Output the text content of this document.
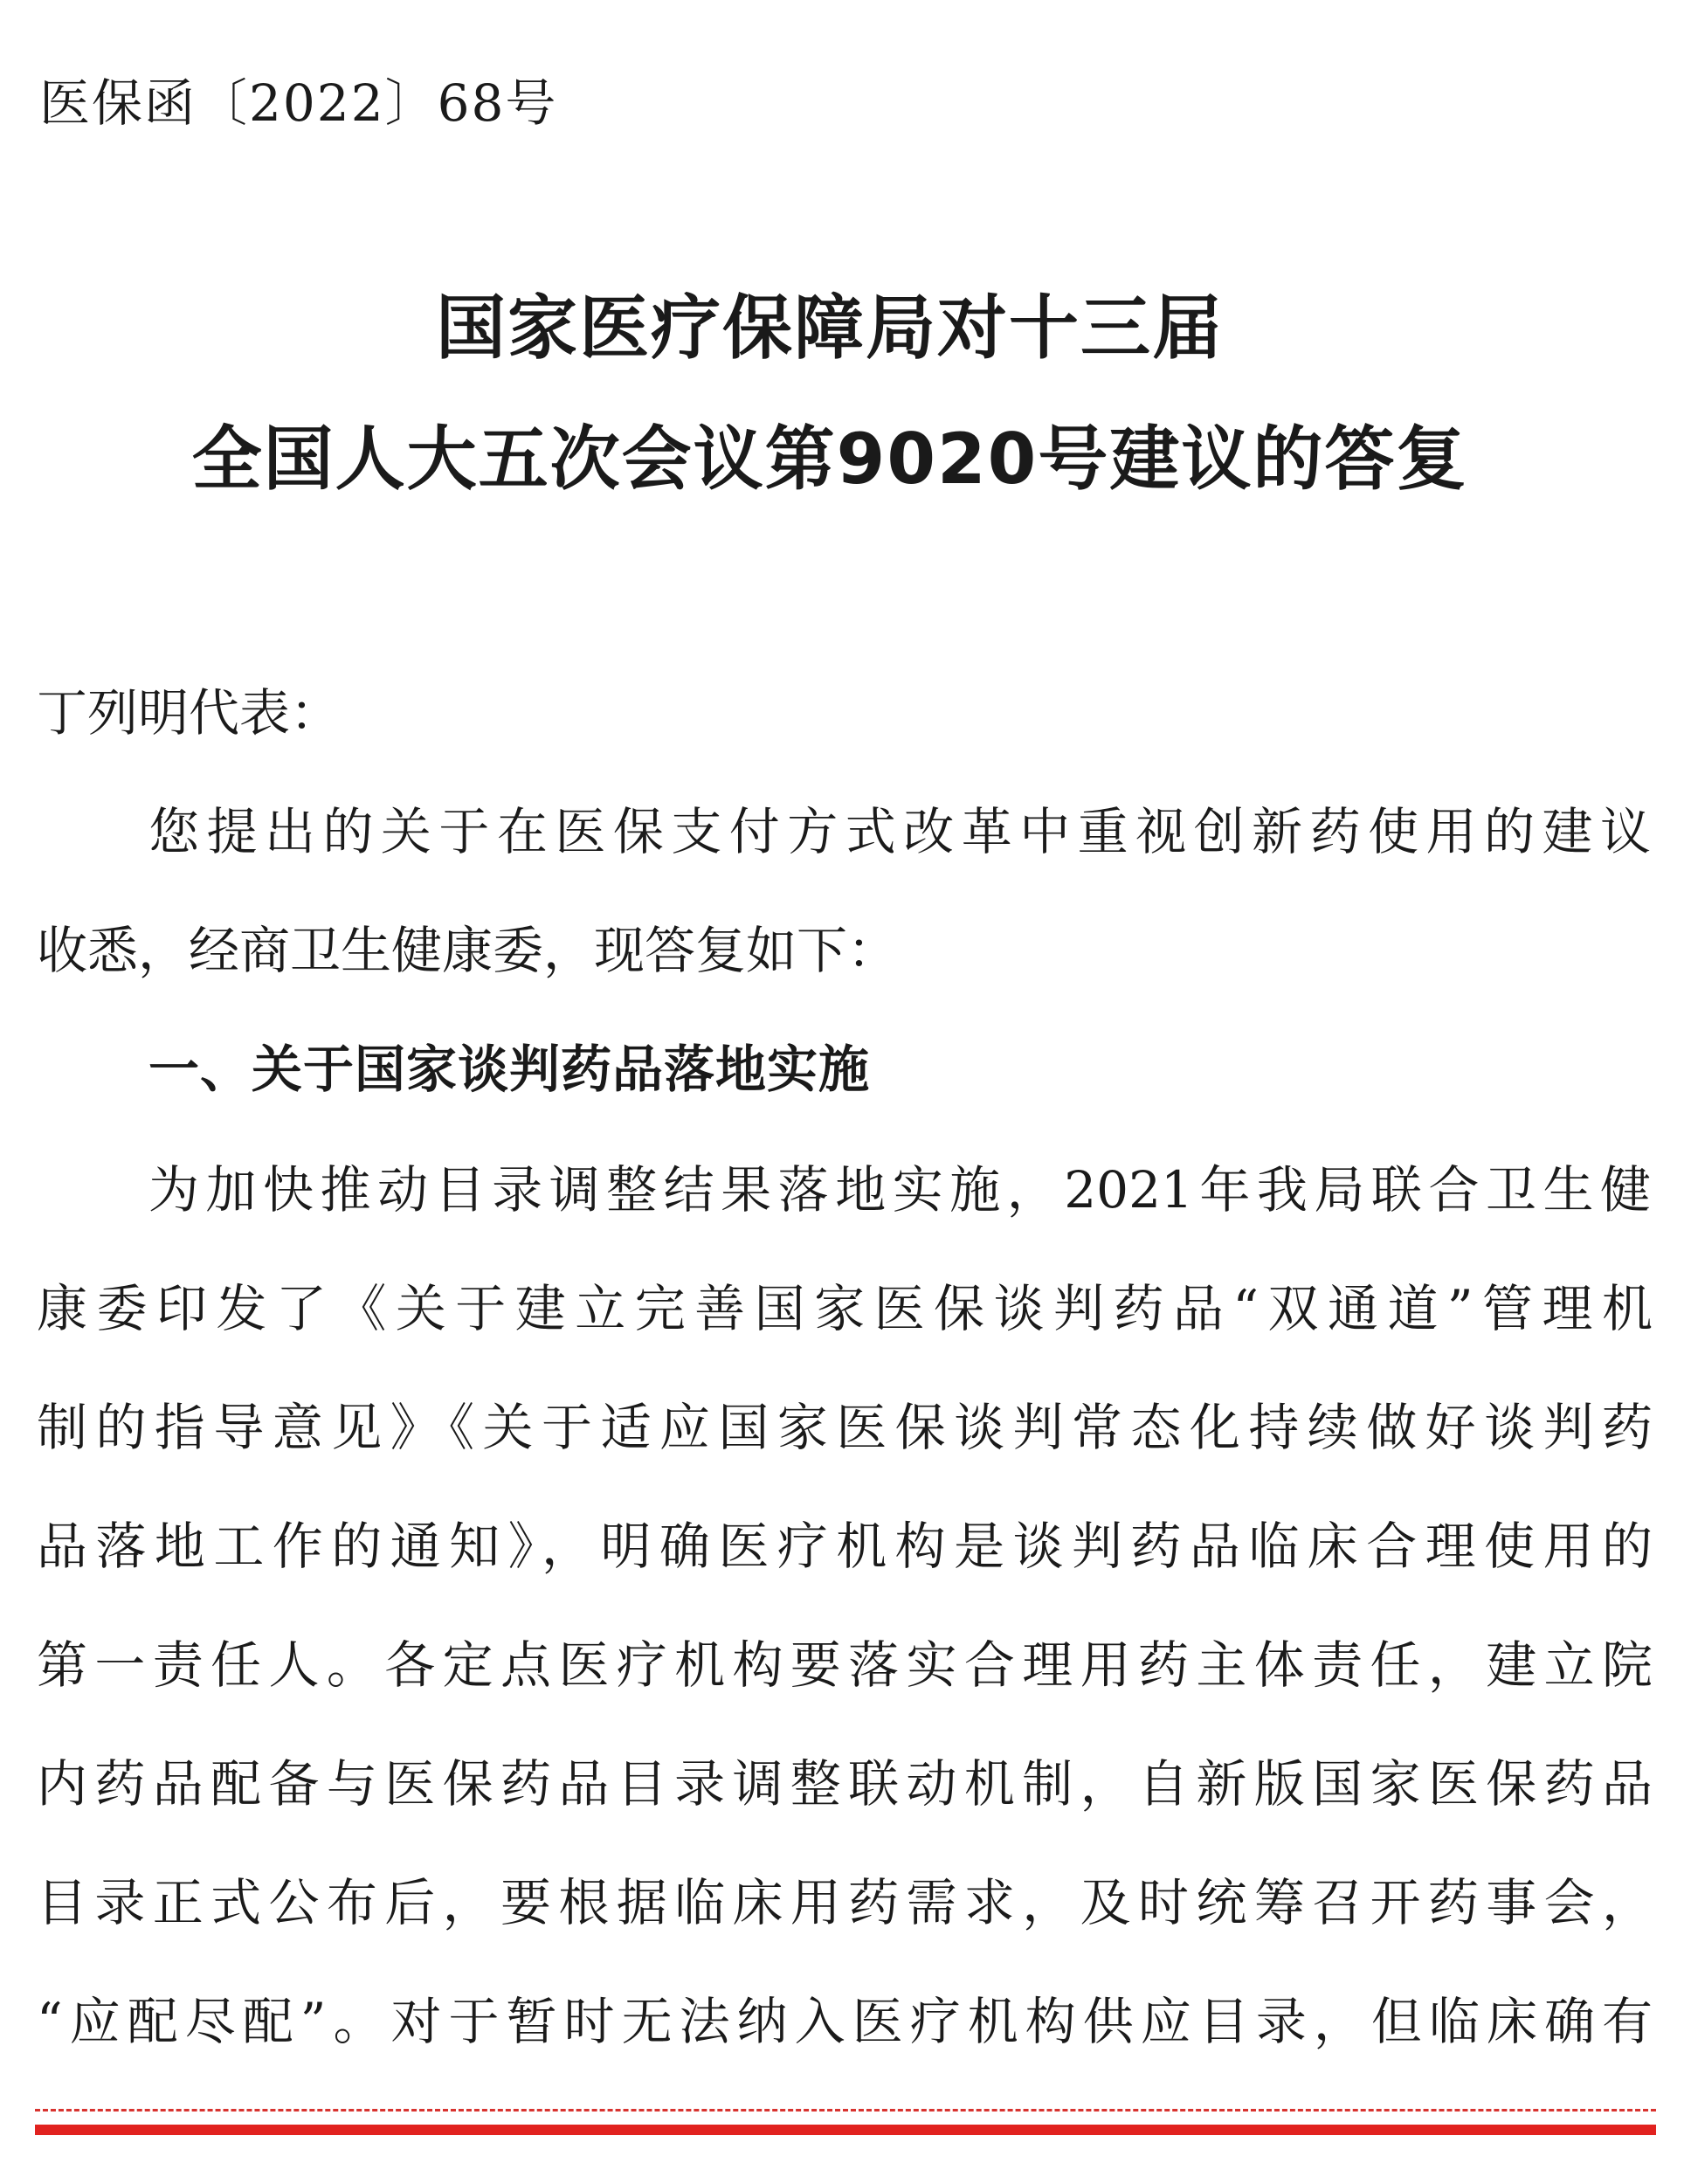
医保函〔2022〕68号
国家医疗保障局对十三届
全国人大五次会议第9020号建议的答复
丁列明代表：
您提出的关于在医保支付方式改革中重视创新药使用的建议
收悉，经商卫生健康委，现答复如下：
一、关于国家谈判药品落地实施
为加快推动目录调整结果落地实施，2021年我局联合卫生健
康委印发了《关于建立完善国家医保谈判药品“双通道”管理机
制的指导意见》《关于适应国家医保谈判常态化持续做好谈判药
品落地工作的通知》，明确医疗机构是谈判药品临床合理使用的
第一责任人。各定点医疗机构要落实合理用药主体责任，建立院
内药品配备与医保药品目录调整联动机制，自新版国家医保药品
目录正式公布后，要根据临床用药需求，及时统筹召开药事会，
“应配尽配”。对于暂时无法纳入医疗机构供应目录，但临床确有
